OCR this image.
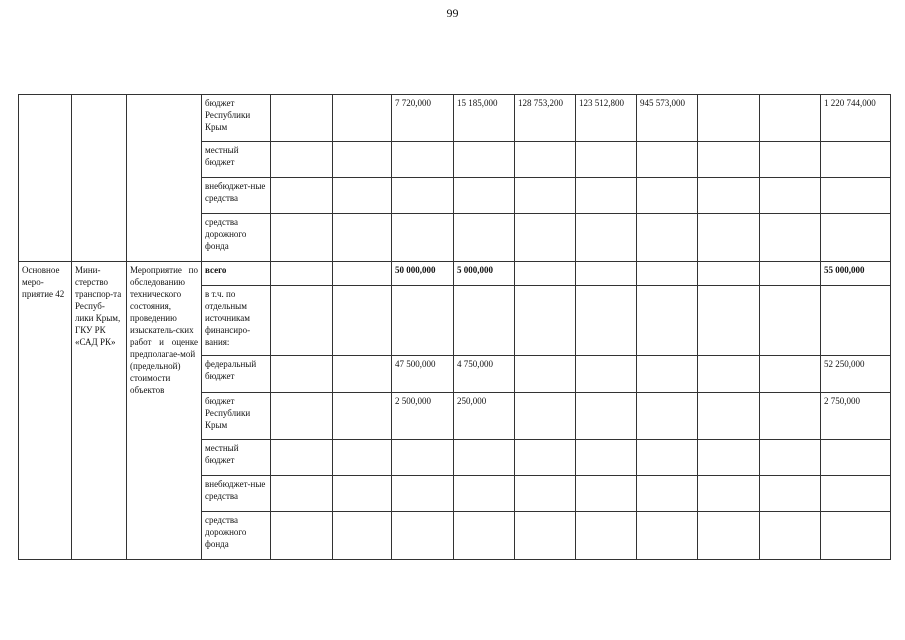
99
			бюджет Республики Крым			7 720,000	15 185,000	128 753,200	123 512,800	945 573,000			1 220 744,000
			местный бюджет										
			внебюджет-ные средства										
			средства дорожного фонда										
Основное меро-приятие 42	Мини-стерство транспор-та Респуб-лики Крым, ГКУ РК «САД РК»	Мероприятие по обследованию технического состояния, проведению изыскатель-ских работ и оценке предполагае-мой (предельной) стоимости объектов	всего			50 000,000	5 000,000						55 000,000
			в т.ч. по отдельным источникам финансиро-вания:										
			федеральный бюджет			47 500,000	4 750,000						52 250,000
			бюджет Республики Крым			2 500,000	250,000						2 750,000
			местный бюджет										
			внебюджет-ные средства										
			средства дорожного фонда										
